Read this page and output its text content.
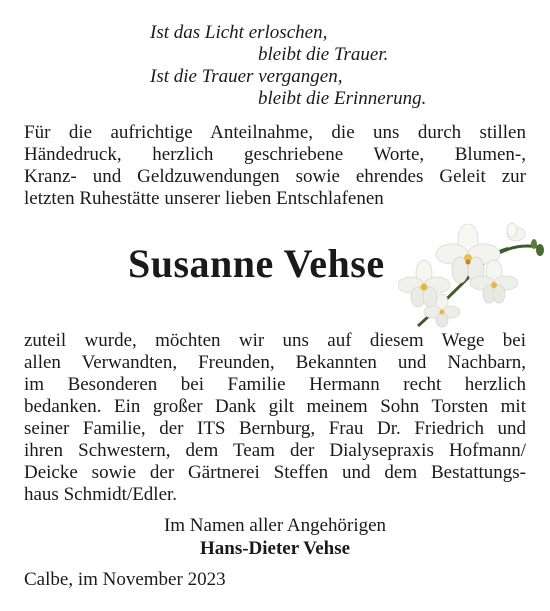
Ist das Licht erloschen,
bleibt die Trauer.
Ist die Trauer vergangen,
bleibt die Erinnerung.
Für die aufrichtige Anteilnahme, die uns durch stillen
Händedruck, herzlich geschriebene Worte, Blumen-,
Kranz- und Geldzuwendungen sowie ehrendes Geleit zur
letzten Ruhestätte unserer lieben Entschlafenen
Susanne Vehse
zuteil wurde, möchten wir uns auf diesem Wege bei
allen Verwandten, Freunden, Bekannten und Nachbarn,
im Besonderen bei Familie Hermann recht herzlich
bedanken. Ein großer Dank gilt meinem Sohn Torsten mit
seiner Familie, der ITS Bernburg, Frau Dr. Friedrich und
ihren Schwestern, dem Team der Dialysepraxis Hofmann/
Deicke sowie der Gärtnerei Steffen und dem Bestattungs-
haus Schmidt/Edler.
Im Namen aller Angehörigen
Hans-Dieter Vehse
Calbe, im November 2023
